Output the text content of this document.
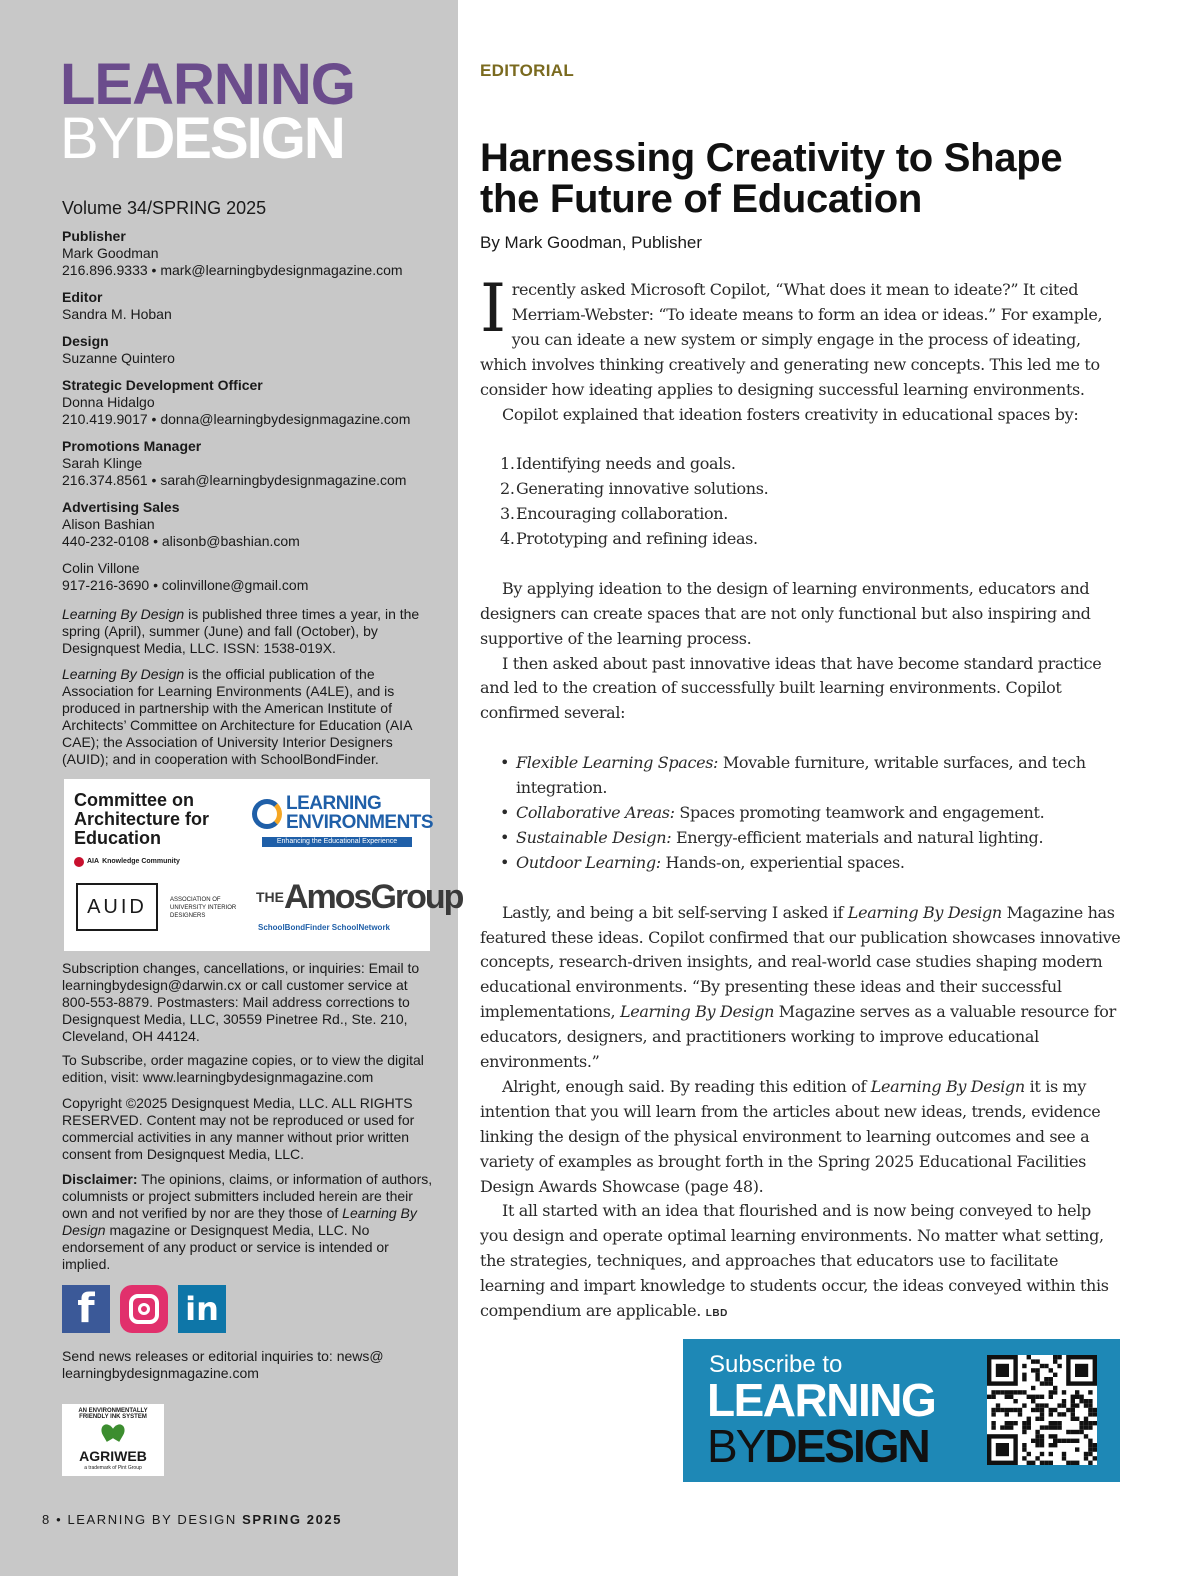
LEARNING
BYDESIGN
Volume 34/SPRING 2025
Publisher
Mark Goodman
216.896.9333 • mark@learningbydesignmagazine.com
Editor
Sandra M. Hoban
Design
Suzanne Quintero
Strategic Development Officer
Donna Hidalgo
210.419.9017 • donna@learningbydesignmagazine.com
Promotions Manager
Sarah Klinge
216.374.8561 • sarah@learningbydesignmagazine.com
Advertising Sales
Alison Bashian
440-232-0108 • alisonb@bashian.com
Colin Villone
917-216-3690 • colinvillone@gmail.com
Learning By Design is published three times a year, in the spring (April), summer (June) and fall (October), by Designquest Media, LLC. ISSN: 1538-019X.
Learning By Design is the official publication of the Association for Learning Environments (A4LE), and is produced in partnership with the American Institute of Architects’ Committee on Architecture for Education (AIA CAE); the Association of University Interior Designers (AUID); and in cooperation with SchoolBondFinder.
Committee on
Architecture for
Education
AIA Knowledge Community
LEARNING
ENVIRONMENTS
Enhancing the Educational Experience
AUID	ASSOCIATION OF UNIVERSITY INTERIOR DESIGNERS
$^{THE}$AmosGroup
SchoolBondFinder SchoolNetwork
Subscription changes, cancellations, or inquiries: Email to learningbydesign@darwin.cx or call customer service at 800-553-8879. Postmasters: Mail address corrections to Designquest Media, LLC, 30559 Pinetree Rd., Ste. 210, Cleveland, OH 44124.
To Subscribe, order magazine copies, or to view the digital edition, visit: www.learningbydesignmagazine.com
Copyright ©2025 Designquest Media, LLC. ALL RIGHTS RESERVED. Content may not be reproduced or used for commercial activities in any manner without prior written consent from Designquest Media, LLC.
Disclaimer: The opinions, claims, or information of authors, columnists or project submitters included herein are their own and not verified by nor are they those of Learning By Design magazine or Designquest Media, LLC. No endorsement of any product or service is intended or implied.
f	in
Send news releases or editorial inquiries to: news@ learningbydesignmagazine.com
AN ENVIRONMENTALLY FRIENDLY INK SYSTEM
AGRIWEB
a trademark of Pint Group
8 • LEARNING BY DESIGN SPRING 2025
EDITORIAL
Harnessing Creativity to Shape the Future of Education
By Mark Goodman, Publisher

I recently asked Microsoft Copilot, “What does it mean to ideate?” It cited Merriam-Webster: “To ideate means to form an idea or ideas.” For example, you can ideate a new system or simply engage in the process of ideating, which involves thinking creatively and generating new concepts. This led me to consider how ideating applies to designing successful learning environments.

Copilot explained that ideation fosters creativity in educational spaces by:

1.Identifying needs and goals.
2.Generating innovative solutions.
3.Encouraging collaboration.
4.Prototyping and refining ideas.

By applying ideation to the design of learning environments, educators and designers can create spaces that are not only functional but also inspiring and supportive of the learning process.

I then asked about past innovative ideas that have become standard practice and led to the creation of successfully built learning environments. Copilot confirmed several:

• Flexible Learning Spaces: Movable furniture, writable surfaces, and tech integration.
• Collaborative Areas: Spaces promoting teamwork and engagement.
• Sustainable Design: Energy-efficient materials and natural lighting.
• Outdoor Learning: Hands-on, experiential spaces.

Lastly, and being a bit self-serving I asked if Learning By Design Magazine has featured these ideas. Copilot confirmed that our publication showcases innovative concepts, research-driven insights, and real-world case studies shaping modern educational environments. “By presenting these ideas and their successful implementations, Learning By Design Magazine serves as a valuable resource for educators, designers, and practitioners working to improve educational environments.”

Alright, enough said. By reading this edition of Learning By Design it is my intention that you will learn from the articles about new ideas, trends, evidence linking the design of the physical environment to learning outcomes and see a variety of examples as brought forth in the Spring 2025 Educational Facilities Design Awards Showcase (page 48).

It all started with an idea that flourished and is now being conveyed to help you design and operate optimal learning environments. No matter what setting, the strategies, techniques, and approaches that educators use to facilitate learning and impart knowledge to students occur, the ideas conveyed within this compendium are applicable. LBD

Subscribe to
LEARNING
BYDESIGN
